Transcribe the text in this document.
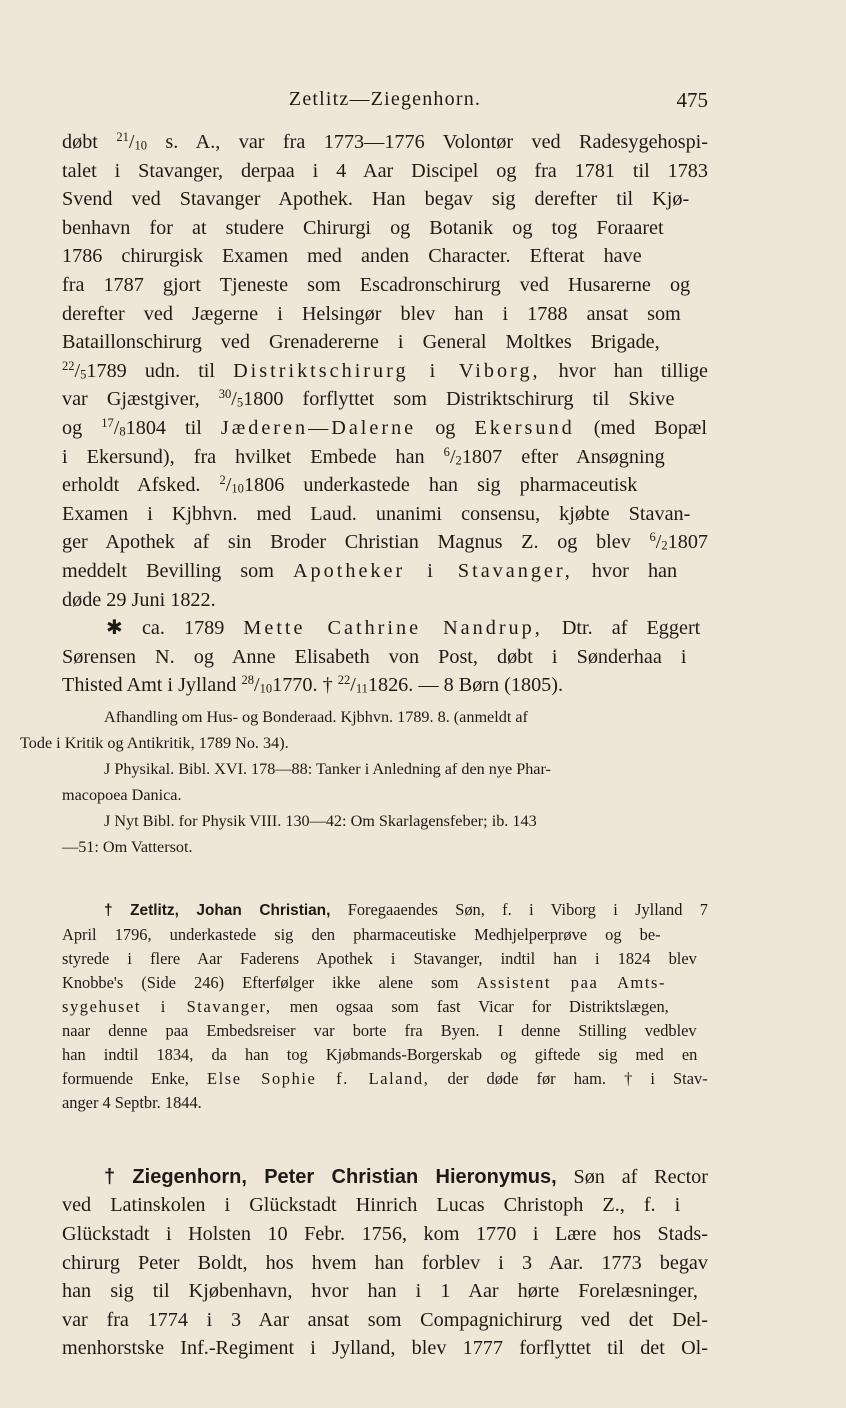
Zetlitz—Ziegenhorn.	475
døbt $^{21}$/10 s. A., var fra 1773—1776 Volontør ved Radesygehospi-
talet i Stavanger, derpaa i 4 Aar Discipel og fra 1781 til 1783
Svend ved Stavanger Apothek. Han begav sig derefter til Kjø-
benhavn for at studere Chirurgi og Botanik og tog Foraaret
1786 chirurgisk Examen med anden Character. Efterat have
fra 1787 gjort Tjeneste som Escadronschirurg ved Husarerne og
derefter ved Jægerne i Helsingør blev han i 1788 ansat som
Bataillonschirurg ved Grenadererne i General Moltkes Brigade,
$^{22}$/51789 udn. til Distriktschirurg i Viborg, hvor han tillige
var Gjæstgiver, $^{30}$/51800 forflyttet som Distriktschirurg til Skive
og $^{17}$/81804 til Jæderen—Dalerne og Ekersund (med Bopæl
i Ekersund), fra hvilket Embede han $^6$/21807 efter Ansøgning
erholdt Afsked. $^2$/101806 underkastede han sig pharmaceutisk
Examen i Kjbhvn. med Laud. unanimi consensu, kjøbte Stavan-
ger Apothek af sin Broder Christian Magnus Z. og blev $^6$/21807
meddelt Bevilling som Apotheker i Stavanger, hvor han
døde 29 Juni 1822.
✱ ca. 1789 Mette Cathrine Nandrup, Dtr. af Eggert
Sørensen N. og Anne Elisabeth von Post, døbt i Sønderhaa i
Thisted Amt i Jylland $^{28}$/101770. † $^{22}$/111826. — 8 Børn (1805).

Afhandling om Hus- og Bonderaad. Kjbhvn. 1789. 8. (anmeldt af
Tode i Kritik og Antikritik, 1789 No. 34).

J Physikal. Bibl. XVI. 178—88: Tanker i Anledning af den nye Phar-
macopoea Danica.

J Nyt Bibl. for Physik VIII. 130—42: Om Skarlagensfeber; ib. 143
—51: Om Vattersot.

† Zetlitz, Johan Christian, Foregaaendes Søn, f. i Viborg i Jylland 7
April 1796, underkastede sig den pharmaceutiske Medhjelperprøve og be-
styrede i flere Aar Faderens Apothek i Stavanger, indtil han i 1824 blev
Knobbe's (Side 246) Efterfølger ikke alene som Assistent paa Amts-
sygehuset i Stavanger, men ogsaa som fast Vicar for Distriktslægen,
naar denne paa Embedsreiser var borte fra Byen. I denne Stilling vedblev
han indtil 1834, da han tog Kjøbmands-Borgerskab og giftede sig med en
formuende Enke, Else Sophie f. Laland, der døde før ham. † i Stav-
anger 4 Septbr. 1844.
† Ziegenhorn, Peter Christian Hieronymus, Søn af Rector
ved Latinskolen i Glückstadt Hinrich Lucas Christoph Z., f. i
Glückstadt i Holsten 10 Febr. 1756, kom 1770 i Lære hos Stads-
chirurg Peter Boldt, hos hvem han forblev i 3 Aar. 1773 begav
han sig til Kjøbenhavn, hvor han i 1 Aar hørte Forelæsninger,
var fra 1774 i 3 Aar ansat som Compagnichirurg ved det Del-
menhorstske Inf.-Regiment i Jylland, blev 1777 forflyttet til det Ol-
